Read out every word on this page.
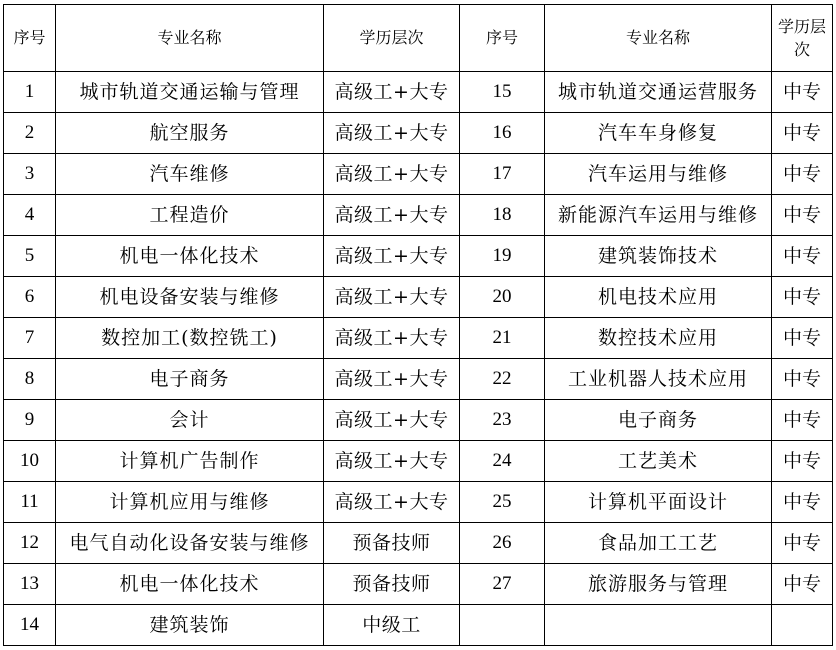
序号	专业名称	学历层次	序号	专业名称	学历层次
1	城市轨道交通运输与管理	高级工+大专	15	城市轨道交通运营服务	中专
2	航空服务	高级工+大专	16	汽车车身修复	中专
3	汽车维修	高级工+大专	17	汽车运用与维修	中专
4	工程造价	高级工+大专	18	新能源汽车运用与维修	中专
5	机电一体化技术	高级工+大专	19	建筑装饰技术	中专
6	机电设备安装与维修	高级工+大专	20	机电技术应用	中专
7	数控加工(数控铣工)	高级工+大专	21	数控技术应用	中专
8	电子商务	高级工+大专	22	工业机器人技术应用	中专
9	会计	高级工+大专	23	电子商务	中专
10	计算机广告制作	高级工+大专	24	工艺美术	中专
11	计算机应用与维修	高级工+大专	25	计算机平面设计	中专
12	电气自动化设备安装与维修	预备技师	26	食品加工工艺	中专
13	机电一体化技术	预备技师	27	旅游服务与管理	中专
14	建筑装饰	中级工			
